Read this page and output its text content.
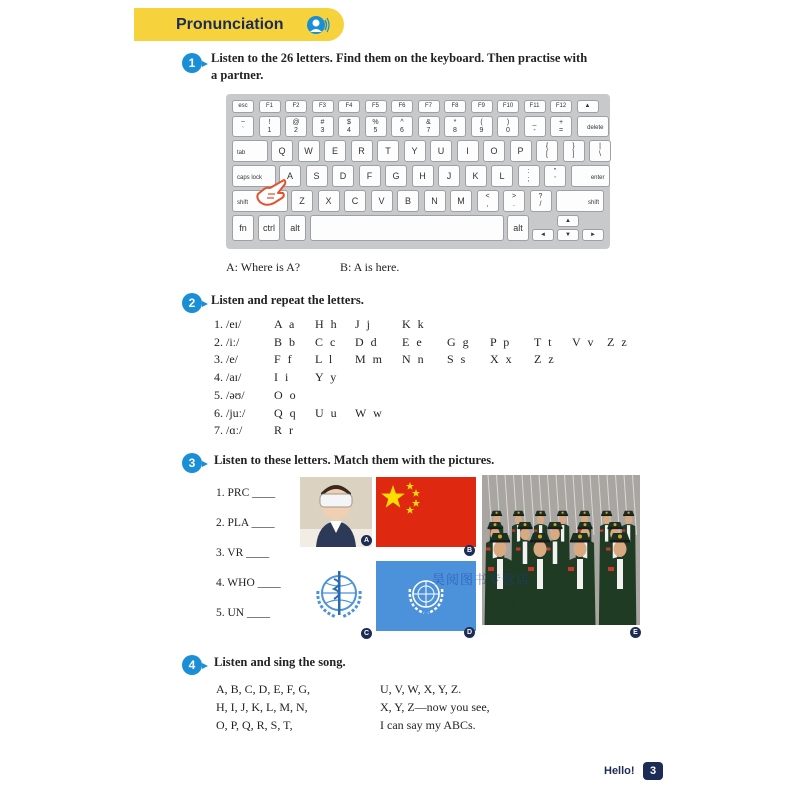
Pronunciation
1	Listen to the 26 letters. Find them on the keyboard. Then practise with
a partner.
esc	F1	F2	F3	F4	F5	F6	F7	F8	F9	F10	F11	F12	▲
~
`
!
1
@
2
#
3
$
4
%
5
^
6
&
7
*
8
(
9
)
0
_
-
+
=	delete
tab	Q	W	E	R	T	Y	U	I	O	P	{
[
}
]
|
\
caps lock	A	S	D	F	G	H	J	K	L	:
;
"
'	enter
shift	Z	X	C	V	B	N	M	<
,
>
.
?
/	shift
fn	ctrl	alt	alt
◄	▼	►
▲
A: Where is A?	B: A is here.
2	Listen and repeat the letters.
1. /eɪ/	A a H h J j K k
2. /iː/	B b C c D d E e G g P p T t V v Z z
3. /e/	F f L l M m N n S s X x Z z
4. /aɪ/	I i Y y
5. /əʊ/ O o
6. /juː/ Q q U u W w
7. /ɑː/	R r
3	Listen to these letters. Match them with the pictures.
1. PRC ____
2. PLA ____
3. VR ____
4. WHO ____
5. UN ____
A
B
C	D	E
昊阅图书专营店
4	Listen and sing the song.
A, B, C, D, E, F, G,
H, I, J, K, L, M, N,
O, P, Q, R, S, T,
U, V, W, X, Y, Z.
X, Y, Z—now you see,
I can say my ABCs.
Hello!	3
